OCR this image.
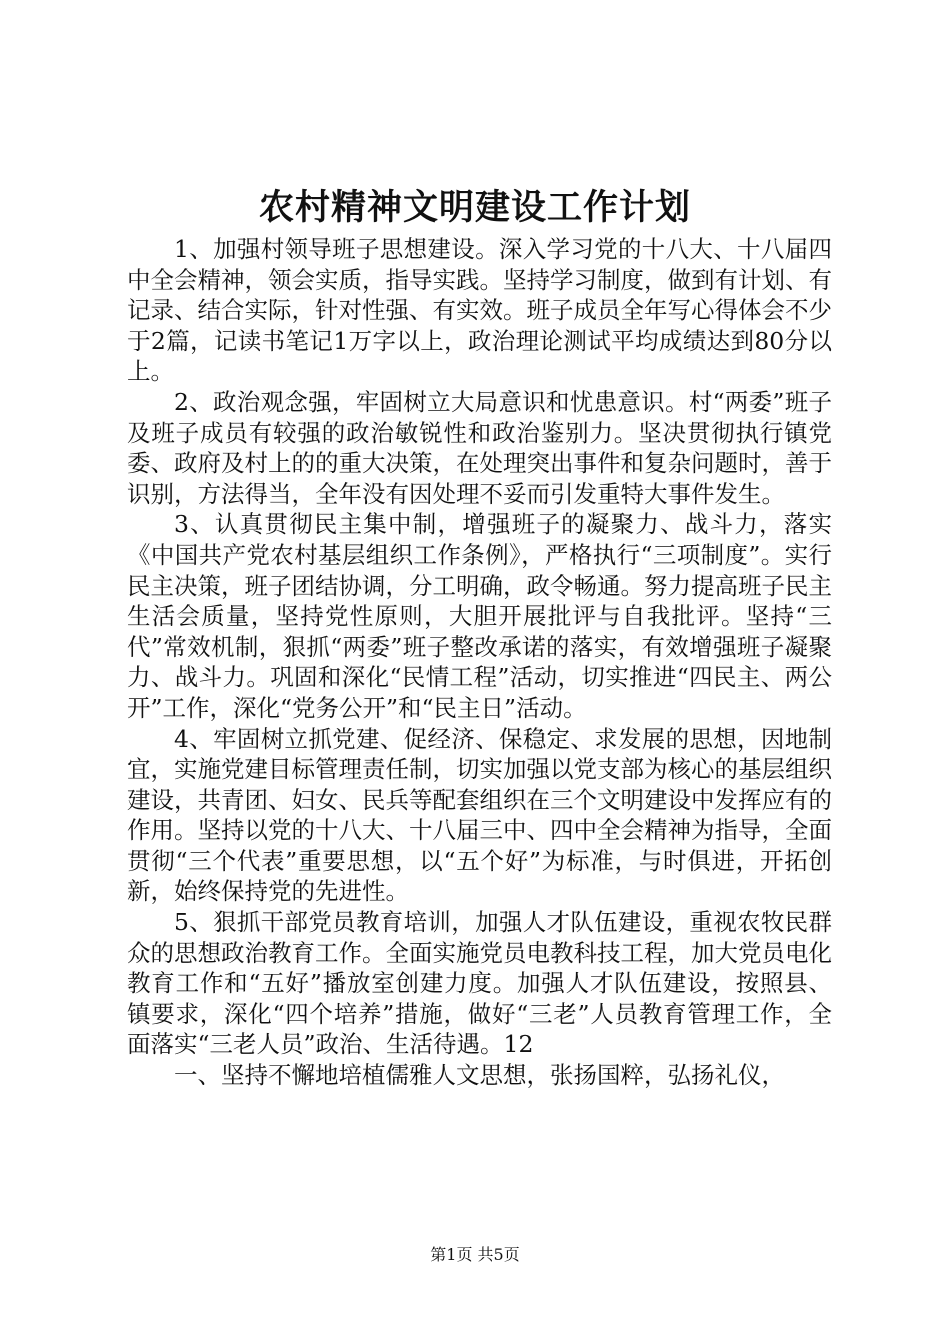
农村精神文明建设工作计划

1、加强村领导班子思想建设。深入学习党的十八大、十八届四中全会精神，领会实质，指导实践。坚持学习制度，做到有计划、有记录、结合实际，针对性强、有实效。班子成员全年写心得体会不少于2篇，记读书笔记1万字以上，政治理论测试平均成绩达到80分以上。

2、政治观念强，牢固树立大局意识和忧患意识。村“两委”班子及班子成员有较强的政治敏锐性和政治鉴别力。坚决贯彻执行镇党委、政府及村上的的重大决策，在处理突出事件和复杂问题时，善于识别，方法得当，全年没有因处理不妥而引发重特大事件发生。

3、认真贯彻民主集中制，增强班子的凝聚力、战斗力，落实《中国共产党农村基层组织工作条例》，严格执行“三项制度”。实行民主决策，班子团结协调，分工明确，政令畅通。努力提高班子民主生活会质量，坚持党性原则，大胆开展批评与自我批评。坚持“三代”常效机制，狠抓“两委”班子整改承诺的落实，有效增强班子凝聚力、战斗力。巩固和深化“民情工程”活动，切实推进“四民主、两公开”工作，深化“党务公开”和“民主日”活动。

4、牢固树立抓党建、促经济、保稳定、求发展的思想，因地制宜，实施党建目标管理责任制，切实加强以党支部为核心的基层组织建设，共青团、妇女、民兵等配套组织在三个文明建设中发挥应有的作用。坚持以党的十八大、十八届三中、四中全会精神为指导，全面贯彻“三个代表”重要思想，以“五个好”为标准，与时俱进，开拓创新，始终保持党的先进性。

5、狠抓干部党员教育培训，加强人才队伍建设，重视农牧民群众的思想政治教育工作。全面实施党员电教科技工程，加大党员电化教育工作和“五好”播放室创建力度。加强人才队伍建设，按照县、镇要求，深化“四个培养”措施，做好“三老”人员教育管理工作，全面落实“三老人员”政治、生活待遇。12

一、坚持不懈地培植儒雅人文思想，张扬国粹，弘扬礼仪，

第1页 共5页
